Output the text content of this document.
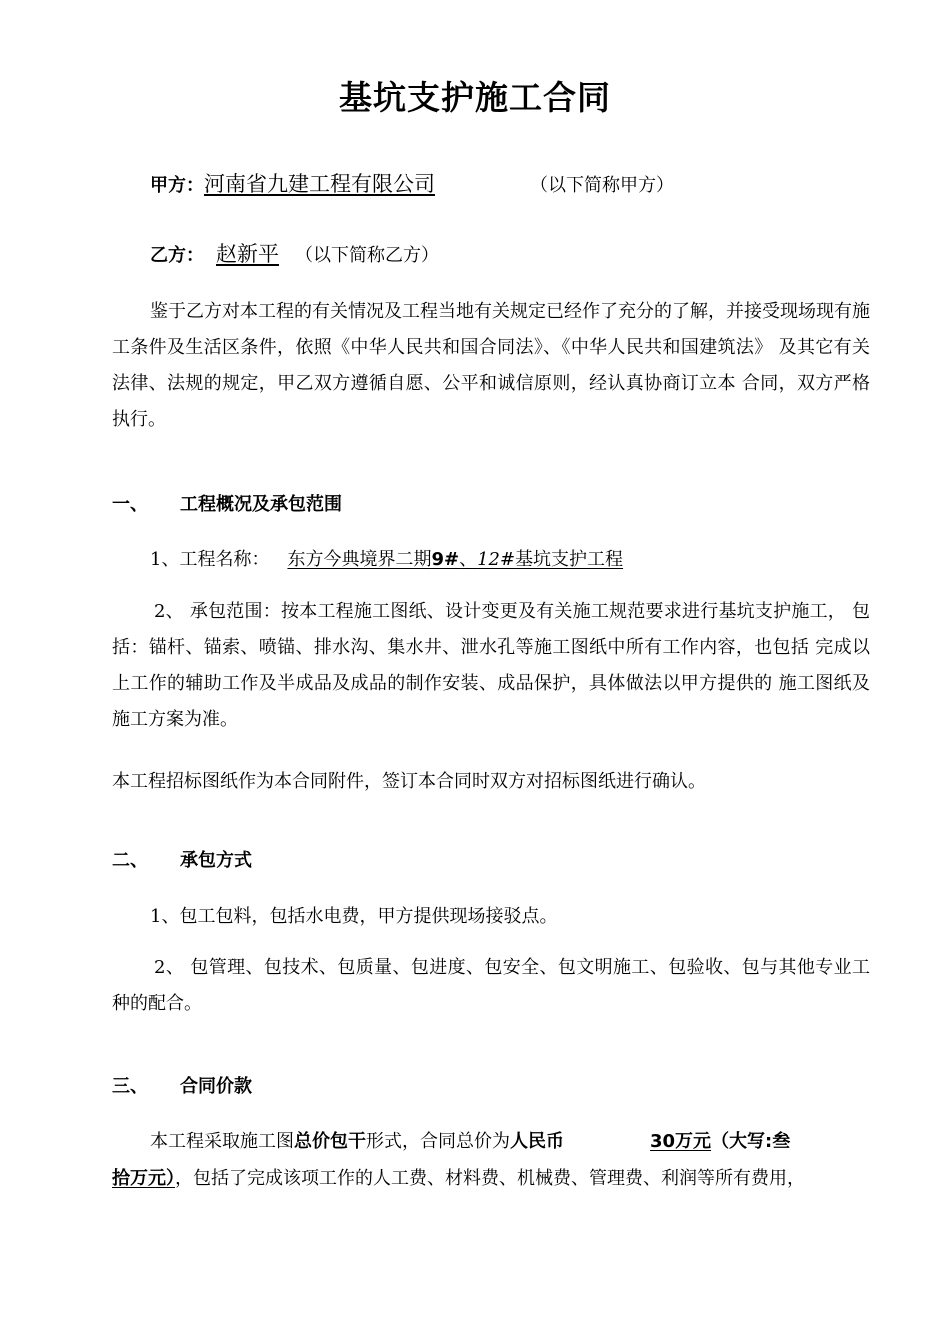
基坑支护施工合同
甲方：河南省九建工程有限公司	（以下简称甲方）
乙方： 赵新平 （以下简称乙方）
鉴于乙方对本工程的有关情况及工程当地有关规定已经作了充分的了解，并接受现场现有施工条件及生活区条件，依照《中华人民共和国合同法》、《中华人民共和国建筑法》 及其它有关法律、法规的规定，甲乙双方遵循自愿、公平和诚信原则，经认真协商订立本 合同，双方严格执行。
一、 工程概况及承包范围
1、工程名称： 东方今典境界二期9#、12#基坑支护工程
2、 承包范围：按本工程施工图纸、设计变更及有关施工规范要求进行基坑支护施工， 包括：锚杆、锚索、喷锚、排水沟、集水井、泄水孔等施工图纸中所有工作内容，也包括 完成以上工作的辅助工作及半成品及成品的制作安装、成品保护，具体做法以甲方提供的 施工图纸及施工方案为准。
本工程招标图纸作为本合同附件，签订本合同时双方对招标图纸进行确认。
二、 承包方式
1、包工包料，包括水电费，甲方提供现场接驳点。
2、 包管理、包技术、包质量、包进度、包安全、包文明施工、包验收、包与其他专业工种的配合。
三、 合同价款
本工程采取施工图总价包干形式，合同总价为人民币	30万元（大写:叁
拾万元），包括了完成该项工作的人工费、材料费、机械费、管理费、利润等所有费用，
